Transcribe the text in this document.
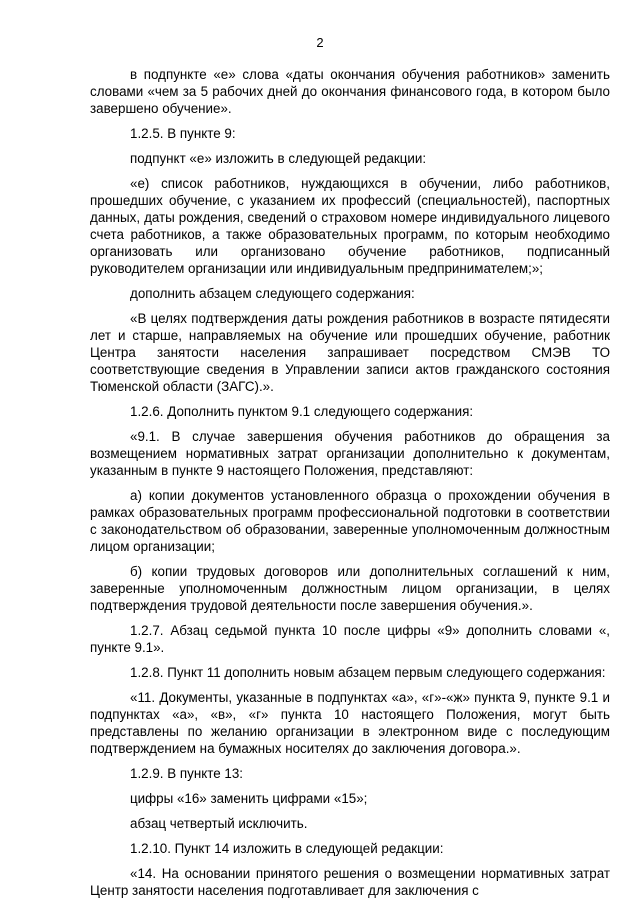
2

в подпункте «е» слова «даты окончания обучения работников» заменить словами «чем за 5 рабочих дней до окончания финансового года, в котором было завершено обучение».

1.2.5. В пункте 9:

подпункт «е» изложить в следующей редакции:

«е) список работников, нуждающихся в обучении, либо работников, прошедших обучение, с указанием их профессий (специальностей), паспортных данных, даты рождения, сведений о страховом номере индивидуального лицевого счета работников, а также образовательных программ, по которым необходимо организовать или организовано обучение работников, подписанный руководителем организации или индивидуальным предпринимателем;»;

дополнить абзацем следующего содержания:

«В целях подтверждения даты рождения работников в возрасте пятидесяти лет и старше, направляемых на обучение или прошедших обучение, работник Центра занятости населения запрашивает посредством СМЭВ ТО соответствующие сведения в Управлении записи актов гражданского состояния Тюменской области (ЗАГС).».

1.2.6. Дополнить пунктом 9.1 следующего содержания:

«9.1. В случае завершения обучения работников до обращения за возмещением нормативных затрат организации дополнительно к документам, указанным в пункте 9 настоящего Положения, представляют:

а) копии документов установленного образца о прохождении обучения в рамках образовательных программ профессиональной подготовки в соответствии с законодательством об образовании, заверенные уполномоченным должностным лицом организации;

б) копии трудовых договоров или дополнительных соглашений к ним, заверенные уполномоченным должностным лицом организации, в целях подтверждения трудовой деятельности после завершения обучения.».

1.2.7. Абзац седьмой пункта 10 после цифры «9» дополнить словами «, пункте 9.1».

1.2.8. Пункт 11 дополнить новым абзацем первым следующего содержания:

«11. Документы, указанные в подпунктах «а», «г»-«ж» пункта 9, пункте 9.1 и подпунктах «а», «в», «г» пункта 10 настоящего Положения, могут быть представлены по желанию организации в электронном виде с последующим подтверждением на бумажных носителях до заключения договора.».

1.2.9. В пункте 13:

цифры «16» заменить цифрами «15»;

абзац четвертый исключить.

1.2.10. Пункт 14 изложить в следующей редакции:

«14. На основании принятого решения о возмещении нормативных затрат Центр занятости населения подготавливает для заключения с
